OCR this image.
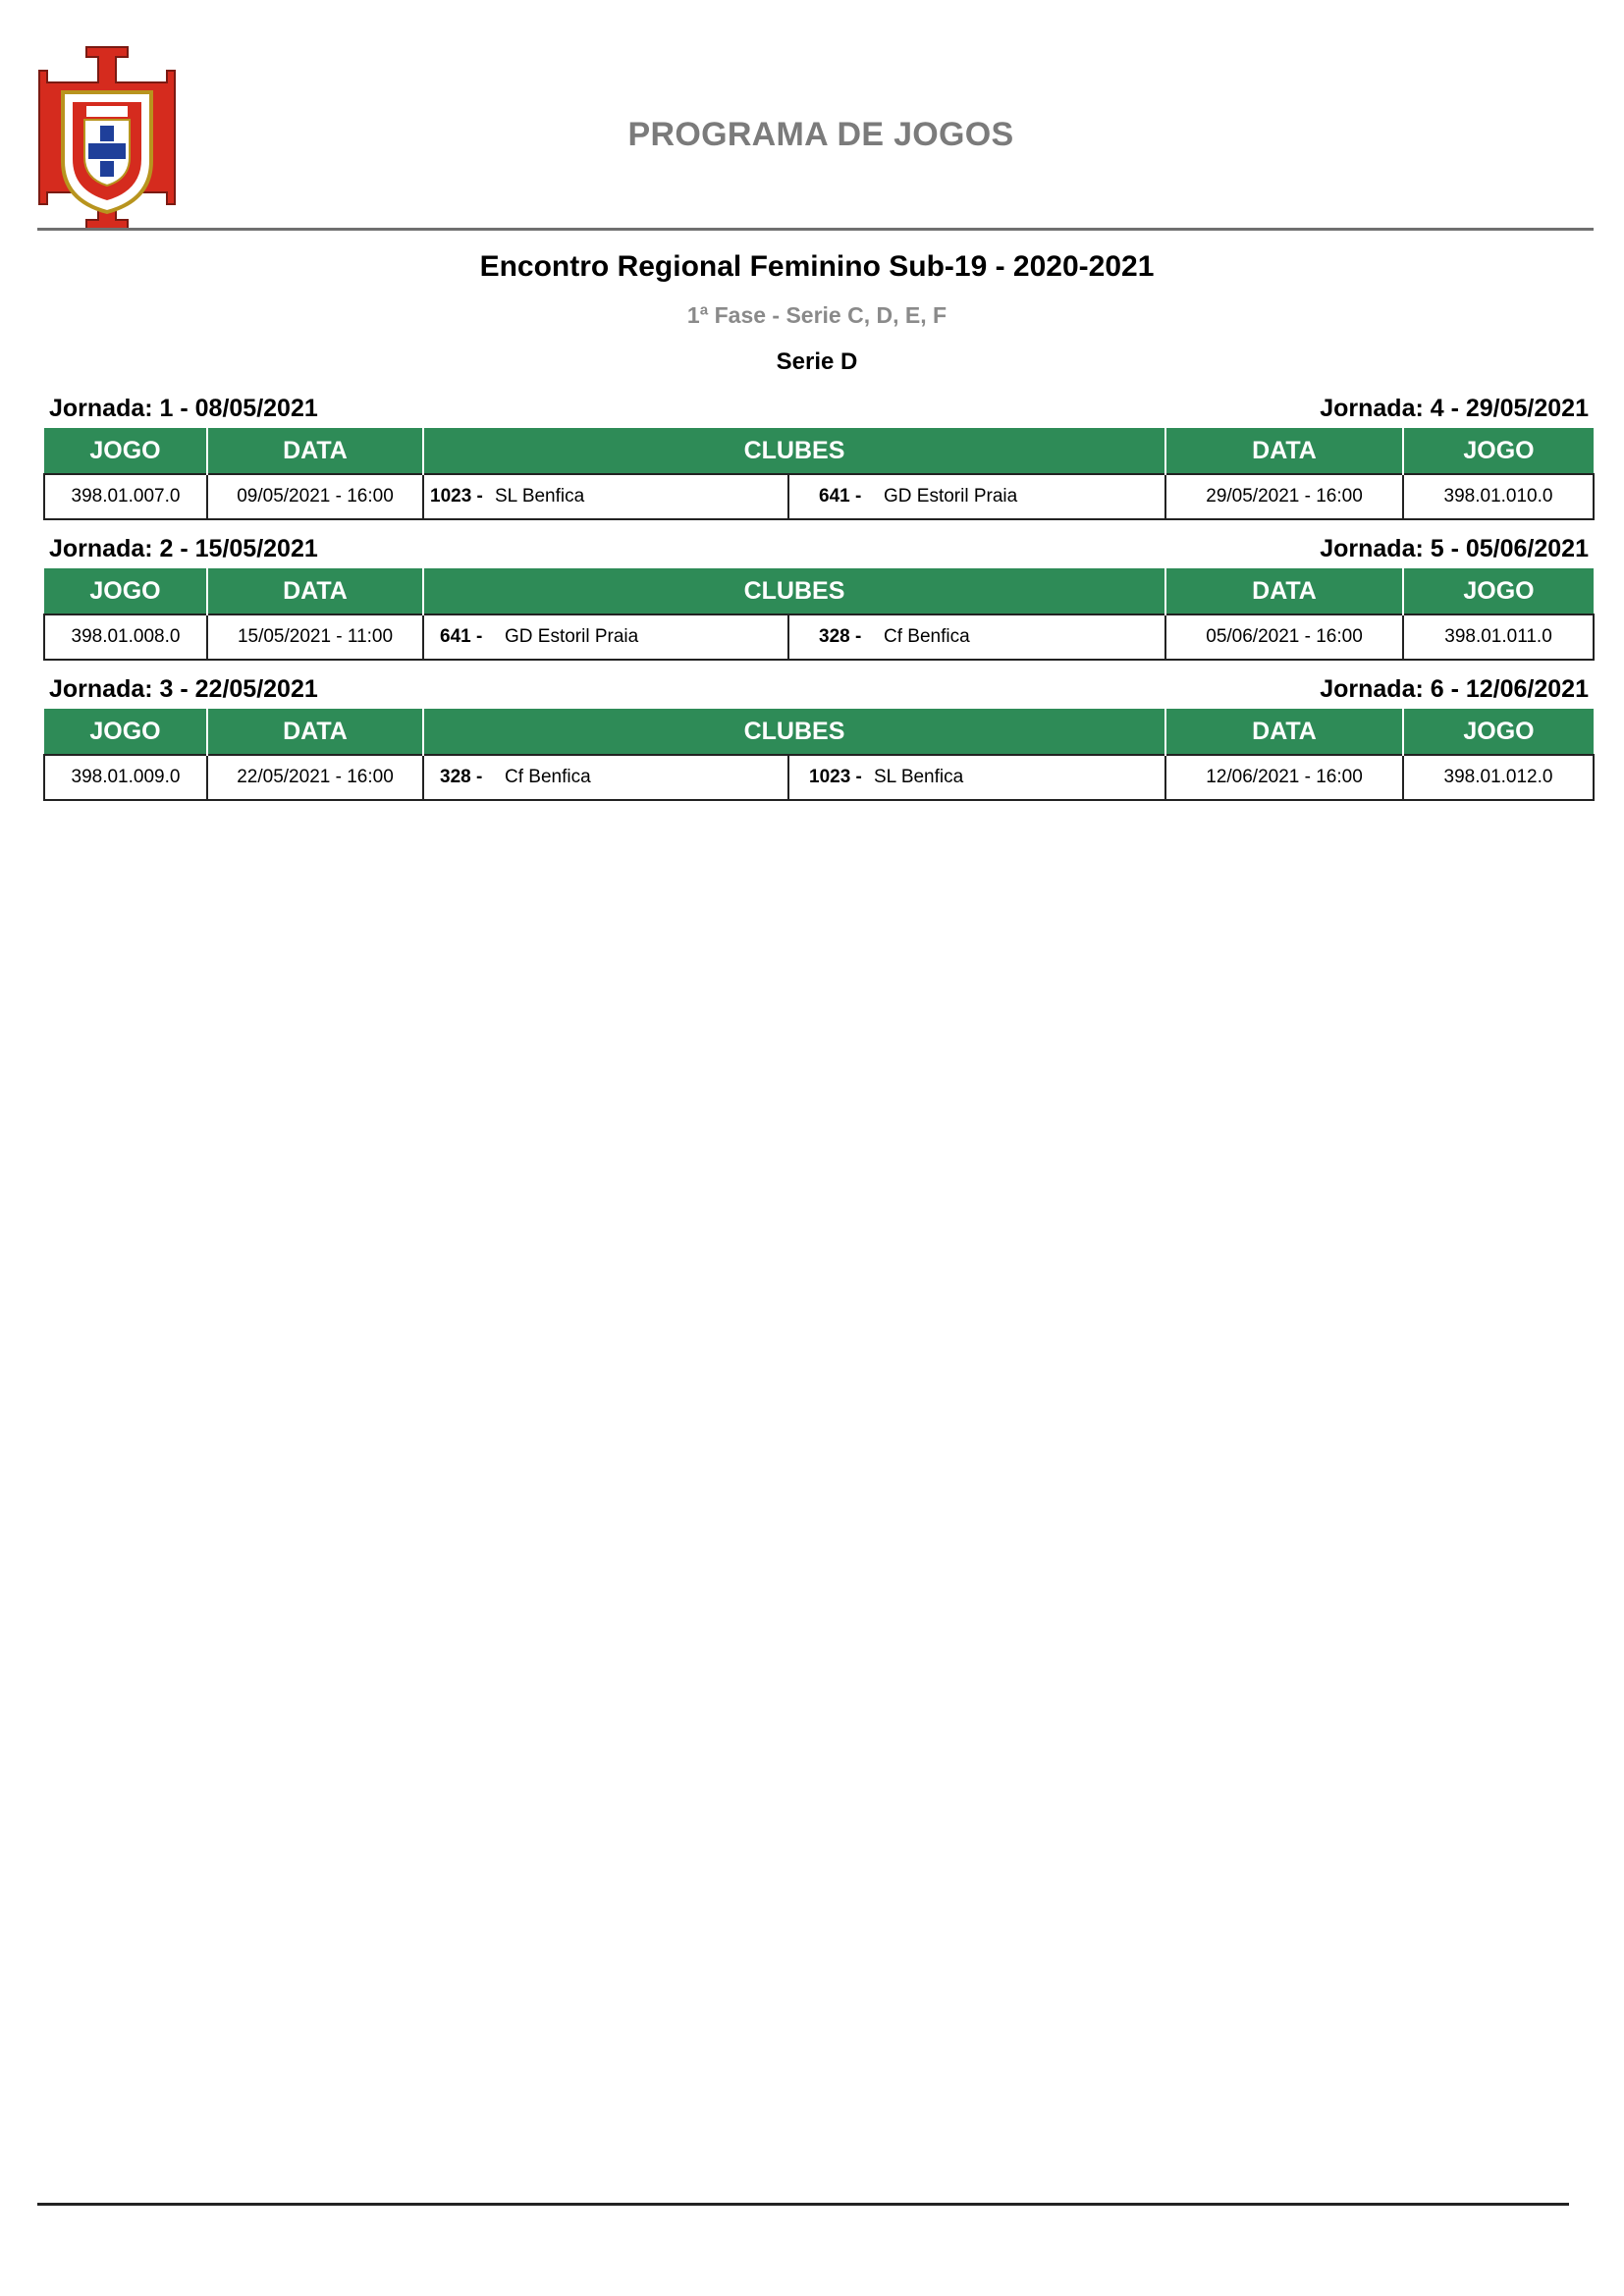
PROGRAMA DE JOGOS
Encontro Regional Feminino Sub-19 - 2020-2021
1ª Fase - Serie C, D, E, F
Serie D
Jornada: 1 - 08/05/2021	Jornada: 4 - 29/05/2021
JOGO	DATA	CLUBES		DATA	JOGO
398.01.007.0	09/05/2021 - 16:00	1023 - SL Benfica	641 - GD Estoril Praia	29/05/2021 - 16:00	398.01.010.0
Jornada: 2 - 15/05/2021	Jornada: 5 - 05/06/2021
JOGO	DATA	CLUBES		DATA	JOGO
398.01.008.0	15/05/2021 - 11:00	641 - GD Estoril Praia	328 - Cf Benfica	05/06/2021 - 16:00	398.01.011.0
Jornada: 3 - 22/05/2021	Jornada: 6 - 12/06/2021
JOGO	DATA	CLUBES		DATA	JOGO
398.01.009.0	22/05/2021 - 16:00	328 - Cf Benfica	1023 - SL Benfica	12/06/2021 - 16:00	398.01.012.0
